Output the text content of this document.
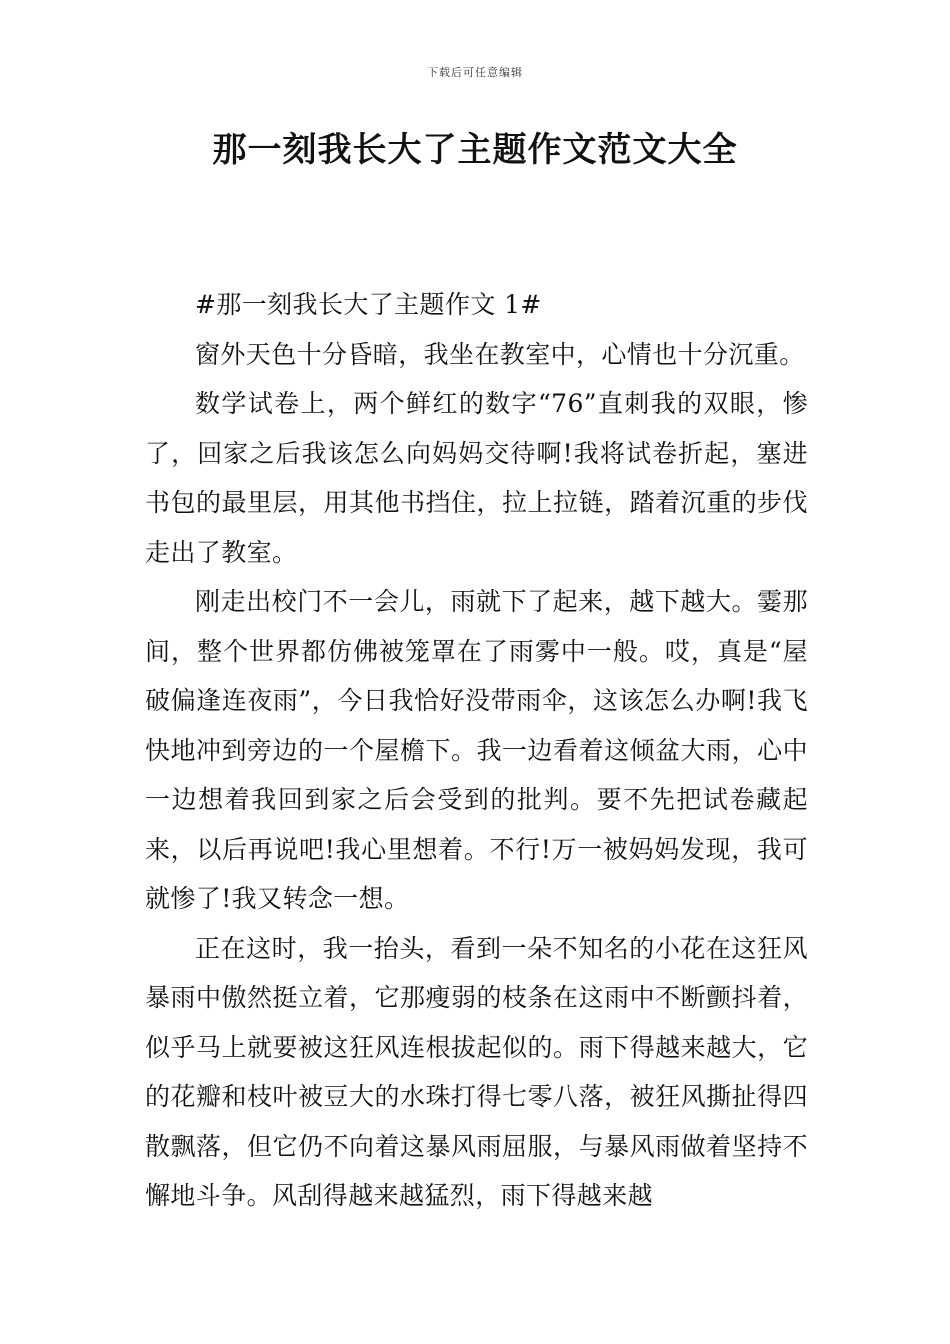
下载后可任意编辑
那一刻我长大了主题作文范文大全

#那一刻我长大了主题作文 1#

窗外天色十分昏暗，我坐在教室中，心情也十分沉重。

数学试卷上，两个鲜红的数字“76”直刺我的双眼，惨了，回家之后我该怎么向妈妈交待啊!我将试卷折起，塞进书包的最里层，用其他书挡住，拉上拉链，踏着沉重的步伐走出了教室。

刚走出校门不一会儿，雨就下了起来，越下越大。霎那间，整个世界都仿佛被笼罩在了雨雾中一般。哎，真是“屋破偏逢连夜雨”，今日我恰好没带雨伞，这该怎么办啊!我飞快地冲到旁边的一个屋檐下。我一边看着这倾盆大雨，心中一边想着我回到家之后会受到的批判。要不先把试卷藏起来，以后再说吧!我心里想着。不行!万一被妈妈发现，我可就惨了!我又转念一想。

正在这时，我一抬头，看到一朵不知名的小花在这狂风暴雨中傲然挺立着，它那瘦弱的枝条在这雨中不断颤抖着，似乎马上就要被这狂风连根拔起似的。雨下得越来越大，它的花瓣和枝叶被豆大的水珠打得七零八落，被狂风撕扯得四散飘落，但它仍不向着这暴风雨屈服，与暴风雨做着坚持不懈地斗争。风刮得越来越猛烈，雨下得越来越
